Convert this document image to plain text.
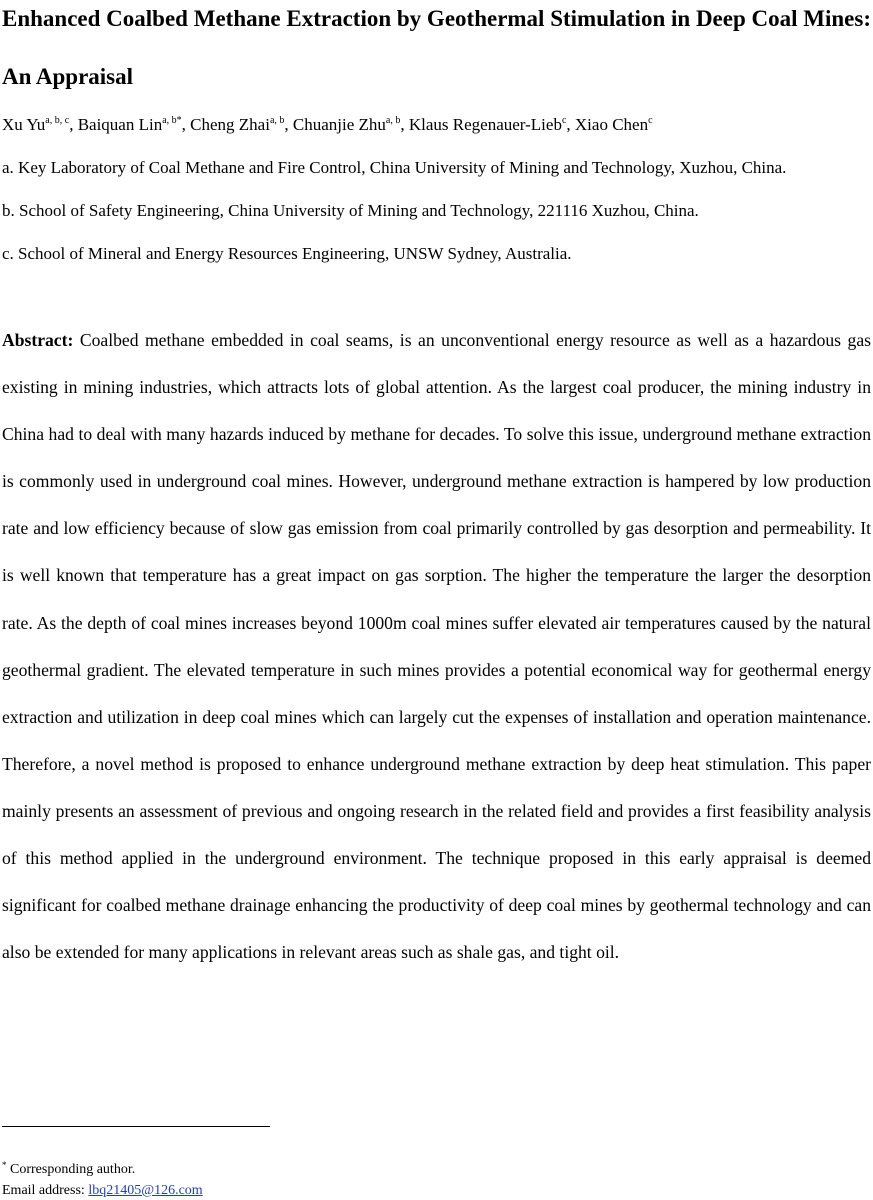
Enhanced Coalbed Methane Extraction by Geothermal Stimulation in Deep Coal Mines: An Appraisal

Xu Yu$^{a, b, c}$, Baiquan Lin$^{a, b*}$, Cheng Zhai$^{a, b}$, Chuanjie Zhu$^{a, b}$, Klaus Regenauer-Lieb$^c$, Xiao Chen$^c$

a. Key Laboratory of Coal Methane and Fire Control, China University of Mining and Technology, Xuzhou, China.

b. School of Safety Engineering, China University of Mining and Technology, 221116 Xuzhou, China.

c. School of Mineral and Energy Resources Engineering, UNSW Sydney, Australia.

Abstract: Coalbed methane embedded in coal seams, is an unconventional energy resource as well as a hazardous gas existing in mining industries, which attracts lots of global attention. As the largest coal producer, the mining industry in China had to deal with many hazards induced by methane for decades. To solve this issue, underground methane extraction is commonly used in underground coal mines. However, underground methane extraction is hampered by low production rate and low efficiency because of slow gas emission from coal primarily controlled by gas desorption and permeability. It is well known that temperature has a great impact on gas sorption. The higher the temperature the larger the desorption rate. As the depth of coal mines increases beyond 1000m coal mines suffer elevated air temperatures caused by the natural geothermal gradient. The elevated temperature in such mines provides a potential economical way for geothermal energy extraction and utilization in deep coal mines which can largely cut the expenses of installation and operation maintenance. Therefore, a novel method is proposed to enhance underground methane extraction by deep heat stimulation. This paper mainly presents an assessment of previous and ongoing research in the related field and provides a first feasibility analysis of this method applied in the underground environment. The technique proposed in this early appraisal is deemed significant for coalbed methane drainage enhancing the productivity of deep coal mines by geothermal technology and can also be extended for many applications in relevant areas such as shale gas, and tight oil.

* Corresponding author.

Email address: lbq21405@126.com
